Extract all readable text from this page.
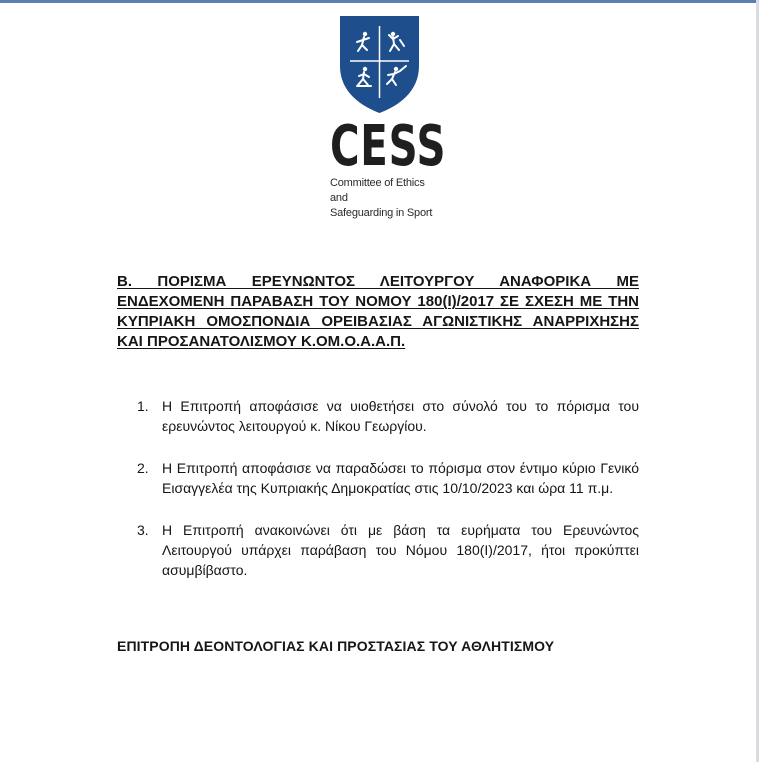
CESS
Committee of Ethics and
Safeguarding in Sport
Β. ΠΟΡΙΣΜΑ ΕΡΕΥΝΩΝΤΟΣ ΛΕΙΤΟΥΡΓΟΥ ΑΝΑΦΟΡΙΚΑ ΜΕ ΕΝΔΕΧΟΜΕΝΗ ΠΑΡΑΒΑΣΗ ΤΟΥ ΝΟΜΟΥ 180(Ι)/2017 ΣΕ ΣΧΕΣΗ ΜΕ ΤΗΝ ΚΥΠΡΙΑΚΗ ΟΜΟΣΠΟΝΔΙΑ ΟΡΕΙΒΑΣΙΑΣ ΑΓΩΝΙΣΤΙΚΗΣ ΑΝΑΡΡΙΧΗΣΗΣ ΚΑΙ ΠΡΟΣΑΝΑΤΟΛΙΣΜΟΥ Κ.ΟΜ.Ο.Α.Α.Π.
1. Η Επιτροπή αποφάσισε να υιοθετήσει στο σύνολό του το πόρισμα του ερευνώντος λειτουργού κ. Νίκου Γεωργίου.
2. Η Επιτροπή αποφάσισε να παραδώσει το πόρισμα στον έντιμο κύριο Γενικό Εισαγγελέα της Κυπριακής Δημοκρατίας στις 10/10/2023 και ώρα 11 π.μ.
3. Η Επιτροπή ανακοινώνει ότι με βάση τα ευρήματα του Ερευνώντος Λειτουργού υπάρχει παράβαση του Νόμου 180(Ι)/2017, ήτοι προκύπτει ασυμβίβαστο.
ΕΠΙΤΡΟΠΗ ΔΕΟΝΤΟΛΟΓΙΑΣ ΚΑΙ ΠΡΟΣΤΑΣΙΑΣ ΤΟΥ ΑΘΛΗΤΙΣΜΟΥ
